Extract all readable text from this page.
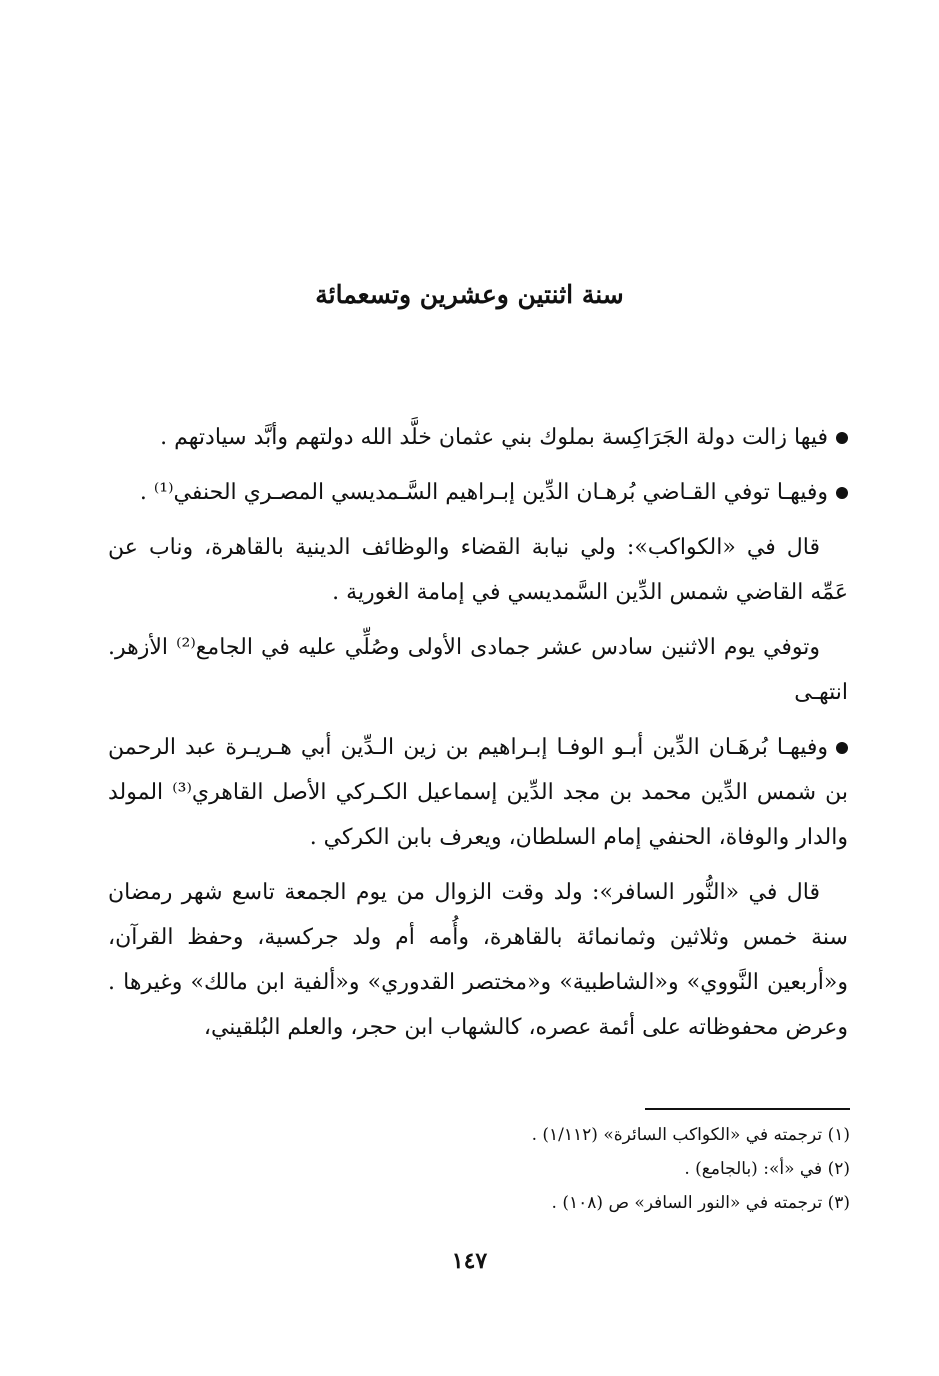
سنة اثنتين وعشرين وتسعمائة

فيها زالت دولة الجَرَاكِسة بملوك بني عثمان خلَّد الله دولتهم وأبَّد سيادتهم .

وفيهـا توفي القـاضي بُرهـان الدِّين إبـراهيم السَّـمديسي المصـري الحنفي⁽¹⁾ .

قال في «الكواكب»: ولي نيابة القضاء والوظائف الدينية بالقاهرة، وناب عن عَمِّه القاضي شمس الدِّين السَّمديسي في إمامة الغورية .

وتوفي يوم الاثنين سادس عشر جمادى الأولى وصُلِّي عليه في الجامع⁽²⁾ الأزهر. انتهـى

وفيهـا بُرهَـان الدِّين أبـو الوفـا إبـراهيم بن زين الـدِّين أبي هـريـرة عبد الرحمن بن شمس الدِّين محمد بن مجد الدِّين إسماعيل الكـركي الأصل القاهري⁽³⁾ المولد والدار والوفاة، الحنفي إمام السلطان، ويعرف بابن الكركي .

قال في «النُّور السافر»: ولد وقت الزوال من يوم الجمعة تاسع شهر رمضان سنة خمس وثلاثين وثمانمائة بالقاهرة، وأُمه أم ولد جركسية، وحفظ القرآن، و«أربعين النَّووي» و«الشاطبية» و«مختصر القدوري» و«ألفية ابن مالك» وغيرها . وعرض محفوظاته على أئمة عصره، كالشهاب ابن حجر، والعلم البُلقيني،

(١) ترجمته في «الكواكب السائرة» (١/١١٢) .

(٢) في «أ»: (بالجامع) .

(٣) ترجمته في «النور السافر» ص (١٠٨) .

١٤٧
